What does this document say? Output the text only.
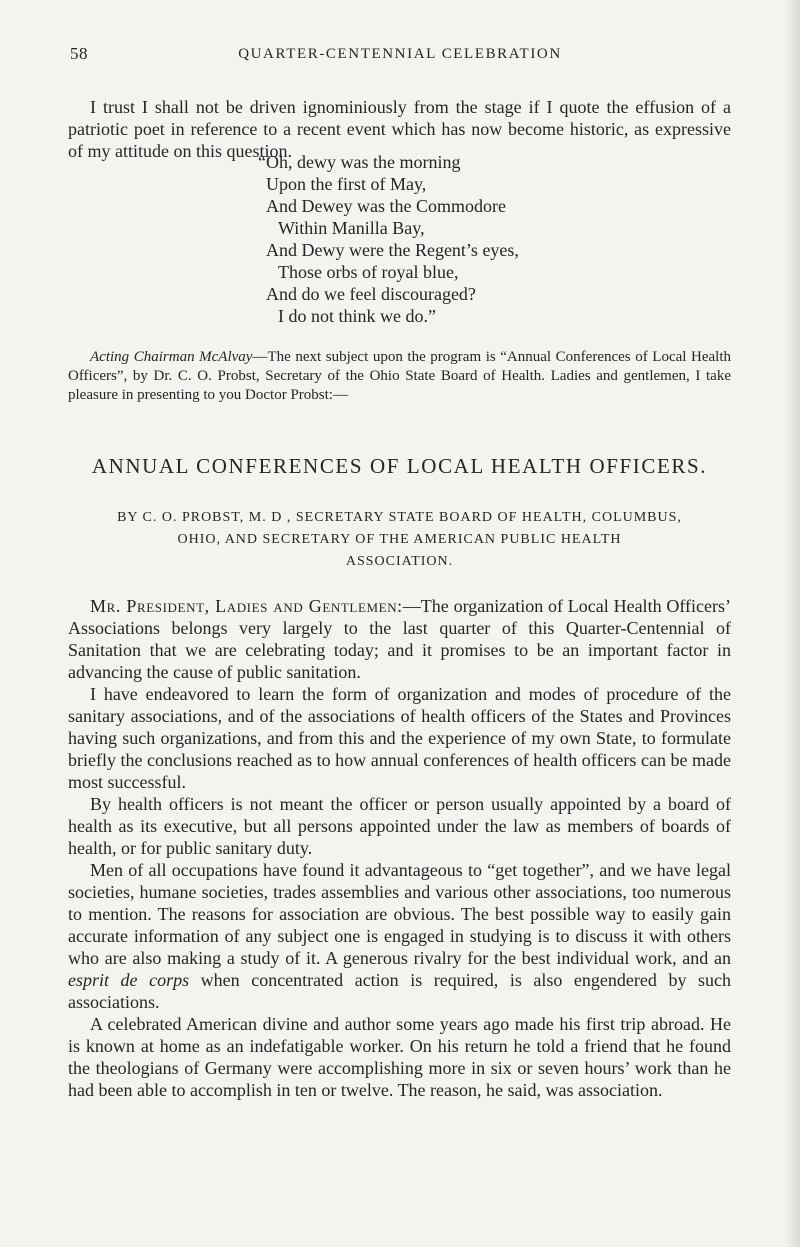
58	QUARTER-CENTENNIAL CELEBRATION

I trust I shall not be driven ignominiously from the stage if I quote the effusion of a patriotic poet in reference to a recent event which has now become historic, as expressive of my attitude on this question.

“Oh, dewy was the morning
Upon the first of May,
And Dewey was the Commodore
Within Manilla Bay,
And Dewy were the Regent’s eyes,
Those orbs of royal blue,
And do we feel discouraged?
I do not think we do.”

Acting Chairman McAlvay—The next subject upon the program is “Annual Conferences of Local Health Officers”, by Dr. C. O. Probst, Secretary of the Ohio State Board of Health. Ladies and gentlemen, I take pleasure in presenting to you Doctor Probst:—

ANNUAL CONFERENCES OF LOCAL HEALTH OFFICERS.
BY C. O. PROBST, M. D , SECRETARY STATE BOARD OF HEALTH, COLUMBUS,
OHIO, AND SECRETARY OF THE AMERICAN PUBLIC HEALTH
ASSOCIATION.

Mr. President, Ladies and Gentlemen:—The organization of Local Health Officers’ Associations belongs very largely to the last quarter of this Quarter-Centennial of Sanitation that we are celebrating today; and it promises to be an important factor in advancing the cause of public sanitation.

I have endeavored to learn the form of organization and modes of procedure of the sanitary associations, and of the associations of health officers of the States and Provinces having such organizations, and from this and the experience of my own State, to formulate briefly the conclusions reached as to how annual conferences of health officers can be made most successful.

By health officers is not meant the officer or person usually appointed by a board of health as its executive, but all persons appointed under the law as members of boards of health, or for public sanitary duty.

Men of all occupations have found it advantageous to “get together”, and we have legal societies, humane societies, trades assemblies and various other associations, too numerous to mention. The reasons for association are obvious. The best possible way to easily gain accurate information of any subject one is engaged in studying is to discuss it with others who are also making a study of it. A generous rivalry for the best individual work, and an esprit de corps when concentrated action is required, is also engendered by such associations.

A celebrated American divine and author some years ago made his first trip abroad. He is known at home as an indefatigable worker. On his return he told a friend that he found the theologians of Germany were accomplishing more in six or seven hours’ work than he had been able to accomplish in ten or twelve. The reason, he said, was association.
